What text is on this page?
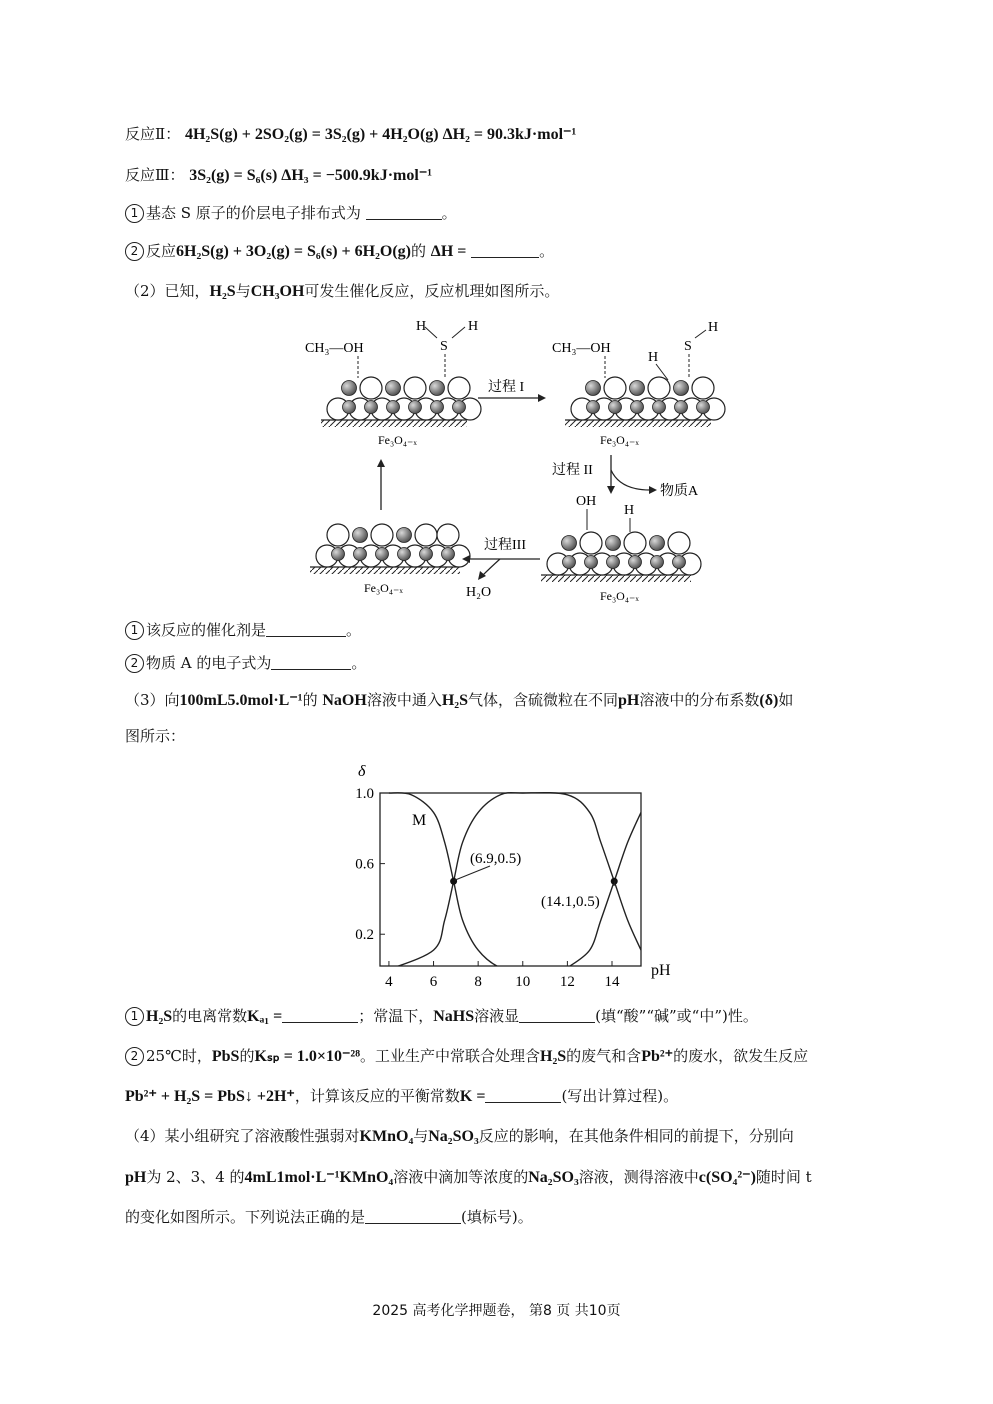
反应Ⅱ： 4H₂S(g) + 2SO₂(g) = 3S₂(g) + 4H₂O(g) ΔH₂ = 90.3kJ·mol⁻¹
反应Ⅲ： 3S₂(g) = S₆(s) ΔH₃ = −500.9kJ·mol⁻¹
1 基态 S 原子的价层电子排布式为	。
2 反应6H₂S(g) + 3O₂(g) = S₆(s) + 6H₂O(g)的 ΔH =	。
（2）已知，H₂S与CH₃OH可发生催化反应，反应机理如图所示。
CH₃—OH
H	H
S
Fe₃O₄₋ₓ
过程 I
CH₃—OH
H
S
H
Fe₃O₄₋ₓ
过程 II
物质A
OH
H
Fe₃O₄₋ₓ
过程III
H₂O
Fe₃O₄₋ₓ
1 该反应的催化剂是	。
2 物质 A 的电子式为	。
（3）向100mL5.0mol·L⁻¹的 NaOH溶液中通入H₂S气体，含硫微粒在不同pH溶液中的分布系数(δ)如
图所示：
δ
pH
M
4 6 8 10 12 14
0.2
0.6
1.0
(6.9,0.5)
(14.1,0.5)
1 H₂S的电离常数Kₐ₁ =	；常温下，NaHS溶液显	(填“酸”“碱”或“中”)性。
2 25℃时，PbS的Kₛₚ = 1.0×10⁻²⁸。工业生产中常联合处理含H₂S的废气和含Pb²⁺的废水，欲发生反应
Pb²⁺ + H₂S = PbS↓ +2H⁺，计算该反应的平衡常数K =	(写出计算过程)。
（4）某小组研究了溶液酸性强弱对KMnO₄与Na₂SO₃反应的影响，在其他条件相同的前提下，分别向
pH为 2、3、4 的4mL1mol·L⁻¹KMnO₄溶液中滴加等浓度的Na₂SO₃溶液，测得溶液中c(SO₄²⁻)随时间 t
的变化如图所示。下列说法正确的是	(填标号)。
2025 高考化学押题卷， 第8 页 共10页
